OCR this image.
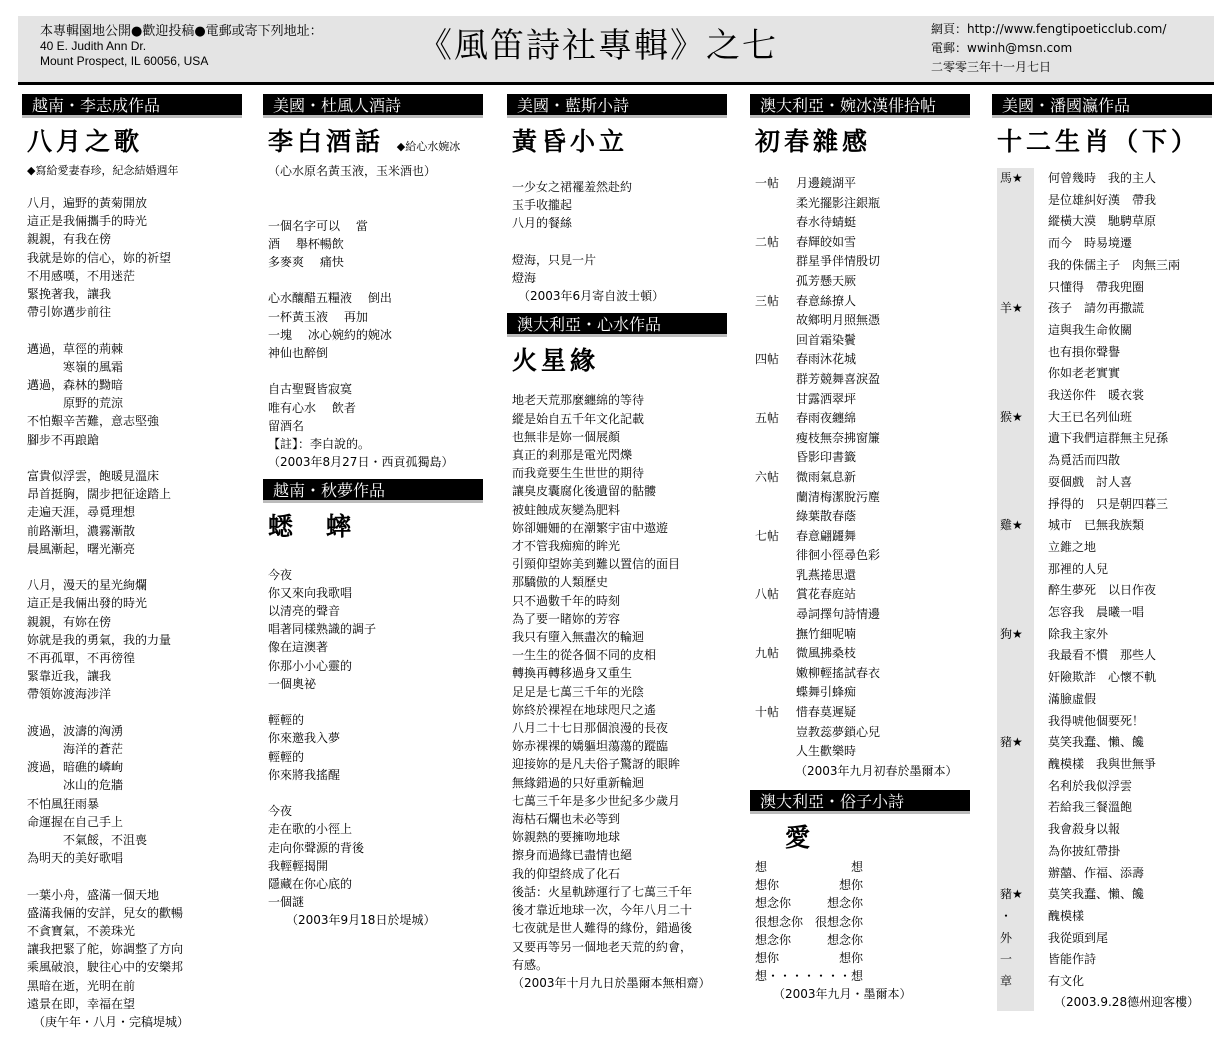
本專輯園地公開●歡迎投稿●電郵或寄下列地址：
40 E. Judith Ann Dr.
Mount Prospect, IL 60056, USA	《風笛詩社專輯》之七	網頁：http://www.fengtipoeticclub.com/
電郵：wwinh@msn.com
二零零三年十一月七日
越南・李志成作品
八月之歌
◆寫給愛妻春珍，紀念結婚週年
八月，遍野的黃菊開放
這正是我倆攜手的時光
親親，有我在傍
我就是妳的信心，妳的祈望
不用感嘆，不用迷茫
緊挽著我，讓我
帶引妳邁步前往
邁過，草徑的荊棘
　　　寒嶺的風霜
邁過，森林的黝暗
　　　原野的荒涼
不怕艱辛苦難，意志堅強
腳步不再踉蹌
富貴似浮雲，飽暖見溫床
昂首挺胸，闊步把征途踏上
走遍天涯，尋覓理想
前路漸坦，濃霧漸散
晨風漸起，曙光漸亮
八月，漫天的星光絢爛
這正是我倆出發的時光
親親，有妳在傍
妳就是我的勇氣，我的力量
不再孤單，不再徬徨
緊靠近我，讓我
帶領妳渡海涉洋
渡過，波濤的洶湧
　　　海洋的蒼茫
渡過，暗礁的嶙峋
　　　冰山的危牆
不怕風狂雨暴
命運握在自己手上
　　　不氣餒，不沮喪
為明天的美好歌唱
一葉小舟，盛滿一個天地
盛滿我倆的安詳，兒女的歡暢
不貪寶氣，不羨珠光
讓我把緊了舵，妳調整了方向
乘風破浪，駛往心中的安樂邦
黑暗在逝，光明在前
遠景在即，幸福在望
　（庚午年・八月・完稿堤城）
美國・杜風人酒詩
李白酒話 ◆給心水婉冰
（心水原名黃玉液，玉米酒也）
一個名字可以　 當
酒　 舉杯暢飲
多麥爽　 痛快
心水釀醋五糧液　 倒出
一杯黃玉液　 再加
一塊　 冰心婉約的婉冰
神仙也醉倒
自古聖賢皆寂寞
唯有心水　 飲者
留酒名
【註】：李白說的。
（2003年8月27日・西貢孤獨島）
越南・秋夢作品
蟋　蟀
今夜
你又來向我歌唱
以清亮的聲音
唱著同樣熟識的調子
像在這澳著
你那小小心靈的
一個奧祕
輕輕的
你來邀我入夢
輕輕的
你來將我搖醒
今夜
走在歌的小徑上
走向你聲源的背後
我輕輕揭開
隱藏在你心底的
一個謎
　　（2003年9月18日於堤城）
美國・藍斯小詩
黃昏小立
一少女之裙襬羞然赴約
玉手收攏起
八月的餐絲
燈海，只見一片
燈海
　（2003年6月寄自波士頓）
澳大利亞・心水作品
火星緣
地老天荒那麼纏綿的等待
縱是始自五千年文化記載
也無非是妳一個展顏
真正的剎那是電光閃爍
而我竟要生生世世的期待
讓臭皮囊腐化後遺留的骷髏
被蛀蝕成灰變為肥料
妳卻姍姍的在潮繁宇宙中遨遊
才不管我痴痴的眸光
引頸仰望妳美到難以置信的面目
那驕傲的人類歷史
只不過數千年的時刻
為了要一睹妳的芳容
我只有墮入無盡次的輪迴
一生生的從各個不同的皮相
轉換再轉移過身又重生
足足是七萬三千年的光陰
妳終於裸裎在地球咫尺之遙
八月二十七日那個浪漫的長夜
妳赤裸裸的嬌軀坦蕩蕩的蹤臨
迎接妳的是凡夫俗子驚訝的眼眸
無緣錯過的只好重新輪迴
七萬三千年是多少世紀多少歲月
海枯石爛也未必等到
妳親熱的要擁吻地球
擦身而過緣已盡情也絕
我的仰望終成了化石
後話：火星軌跡運行了七萬三千年
後才靠近地球一次，今年八月二十
七夜就是世人難得的緣份，錯過後
又要再等另一個地老天荒的約會，
有感。
（2003年十月九日於墨爾本無相齋）
澳大利亞・婉冰漢俳拾帖
初春雜感
一帖	月邊鏡湖平
柔光擺影注銀瓶
春水待蜻蜓
二帖	春輝皎如雪
群星爭伴情殷切
孤芳懸天厥
三帖	春意絲撩人
故鄉明月照無憑
回首霜染鬢
四帖	春雨沐花城
群芳競舞喜淚盈
甘露洒翠坪
五帖	春雨夜纏綿
瘦枝無奈拂窗簾
昏影印書籤
六帖	微雨氣息新
蘭清梅潔脫污塵
綠葉散春蔭
七帖	春意翩躚舞
徘徊小徑尋色彩
乳燕捲思還
八帖	賞花春庭站
尋詞擇句詩情邊
撫竹細呢喃
九帖	微風拂桑枝
嫩柳輕搖試春衣
蝶舞引蜂痴
十帖	惜春莫遲疑
豈教蕊夢鎖心兒
人生歡樂時
（2003年九月初春於墨爾本）
澳大利亞・俗子小詩
愛
想　　　　　　　想
想你　　　　　想你
想念你　　　想念你
很想念你　很想念你
想念你　　　想念你
想你　　　　　想你
想・・・・・・・想
　　（2003年九月・墨爾本）
美國・潘國瀛作品
十二生肖（下）
馬★	何曾幾時　我的主人
是位雄糾好漢　帶我
縱橫大漠　馳騁草原
而今　時易境遷
我的侏儒主子　肉無三兩
只懂得　帶我兜圈
羊★	孩子　請勿再撒謊
這與我生命攸關
也有損你聲譽
你如老老實實
我送你件　暖衣裳
猴★	大王已名列仙班
遺下我們這群無主兒孫
為覓活而四散
耍個戲　討人喜
掙得的　只是朝四暮三
雞★	城市　已無我族類
立錐之地
那裡的人兒
醉生夢死　以日作夜
怎容我　晨曦一唱
狗★	除我主家外
我最看不慣　那些人
奸險欺詐　心懷不軌
滿臉虛假
我得唬他個要死！
豬★	莫笑我蠢、懶、饞
醜模樣　我與世無爭
名利於我似浮雲
若給我三餐溫飽
我會殺身以報
為你披紅帶掛
辦囍、作福、添壽
豬★	莫笑我蠢、懶、饞
・	醜模樣
外	我從頭到尾
一	皆能作詩
章	有文化
（2003.9.28德州迎客樓）
